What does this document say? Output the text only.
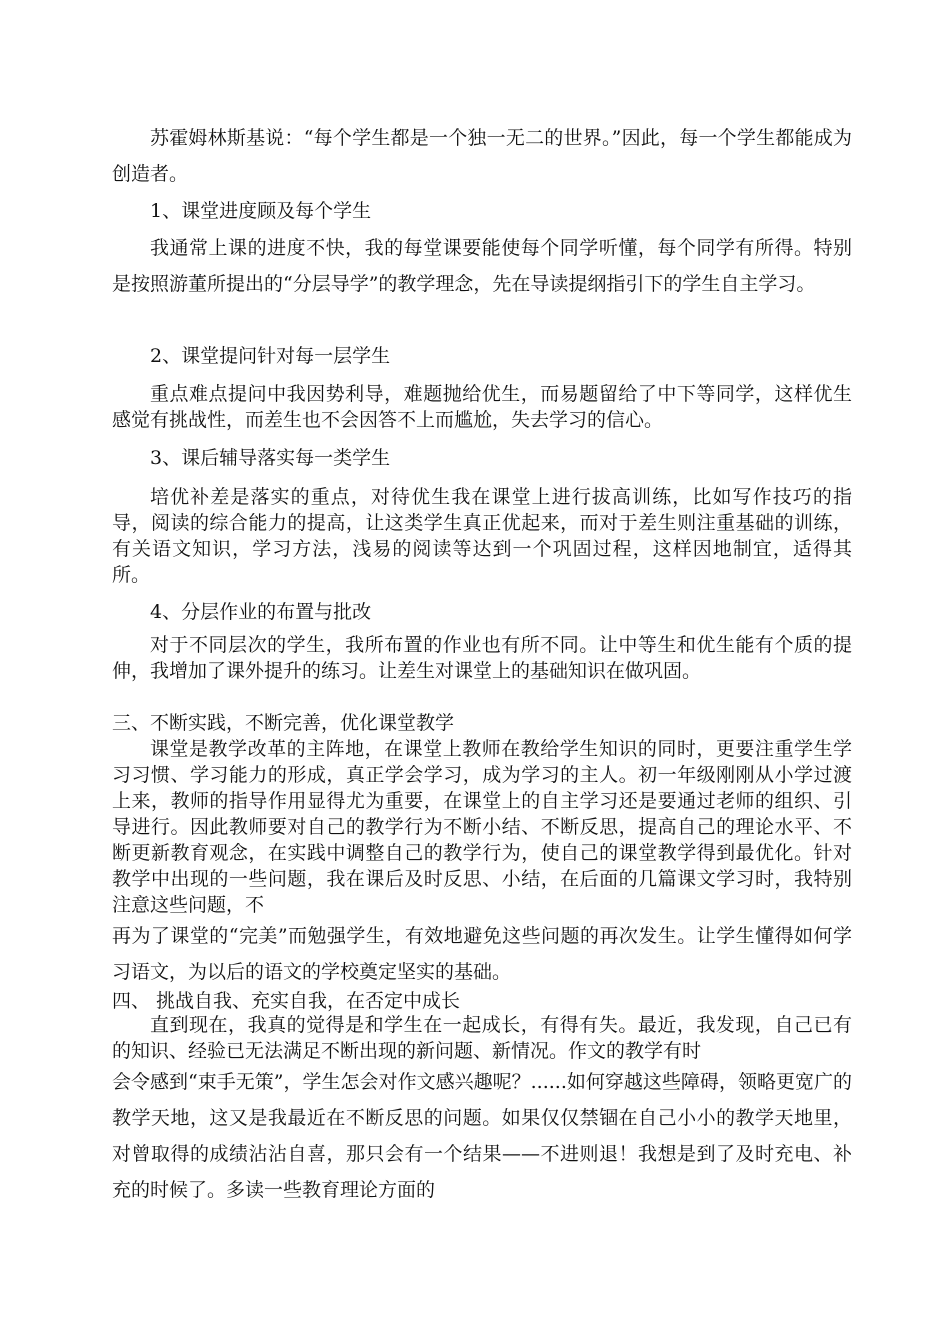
苏霍姆林斯基说：“每个学生都是一个独一无二的世界。”因此，每一个学生都能成为创造者。

1、课堂进度顾及每个学生

我通常上课的进度不快，我的每堂课要能使每个同学听懂，每个同学有所得。特别是按照游董所提出的“分层导学”的教学理念，先在导读提纲指引下的学生自主学习。

2、课堂提问针对每一层学生

重点难点提问中我因势利导，难题抛给优生，而易题留给了中下等同学，这样优生感觉有挑战性，而差生也不会因答不上而尴尬，失去学习的信心。

3、课后辅导落实每一类学生

培优补差是落实的重点，对待优生我在课堂上进行拔高训练，比如写作技巧的指导，阅读的综合能力的提高，让这类学生真正优起来，而对于差生则注重基础的训练，有关语文知识，学习方法，浅易的阅读等达到一个巩固过程，这样因地制宜，适得其所。

4、分层作业的布置与批改

对于不同层次的学生，我所布置的作业也有所不同。让中等生和优生能有个质的提伸，我增加了课外提升的练习。让差生对课堂上的基础知识在做巩固。

三、不断实践，不断完善，优化课堂教学

课堂是教学改革的主阵地，在课堂上教师在教给学生知识的同时，更要注重学生学习习惯、学习能力的形成，真正学会学习，成为学习的主人。初一年级刚刚从小学过渡上来，教师的指导作用显得尤为重要，在课堂上的自主学习还是要通过老师的组织、引导进行。因此教师要对自己的教学行为不断小结、不断反思，提高自己的理论水平、不断更新教育观念，在实践中调整自己的教学行为，使自己的课堂教学得到最优化。针对教学中出现的一些问题，我在课后及时反思、小结，在后面的几篇课文学习时，我特别注意这些问题，不

再为了课堂的“完美”而勉强学生，有效地避免这些问题的再次发生。让学生懂得如何学习语文，为以后的语文的学校奠定坚实的基础。

四、 挑战自我、充实自我，在否定中成长

直到现在，我真的觉得是和学生在一起成长，有得有失。最近，我发现，自己已有的知识、经验已无法满足不断出现的新问题、新情况。作文的教学有时

会令感到“束手无策”，学生怎会对作文感兴趣呢？......如何穿越这些障碍，领略更宽广的教学天地，这又是我最近在不断反思的问题。如果仅仅禁锢在自己小小的教学天地里，对曾取得的成绩沾沾自喜，那只会有一个结果——不进则退！我想是到了及时充电、补充的时候了。多读一些教育理论方面的
